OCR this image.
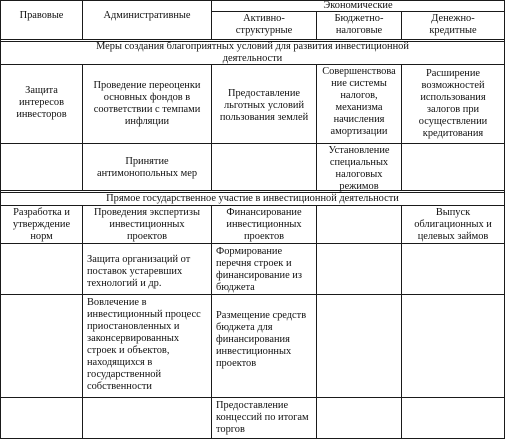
Правовые	Административные
Экономические
Активно-
структурные
Бюджетно-
налоговые
Денежно-
кредитные
Меры создания благоприятных условий для развития инвестиционной
деятельности
Защита
интересов
инвесторов
Проведение переоценки
основных фондов в
соответствии с темпами
инфляции
Предоставление
льготных условий
пользования землей
Совершенствова
ние системы
налогов,
механизма
начисления
амортизации
Расширение
возможностей
использования
залогов при
осуществлении
кредитования
Принятие
антимонопольных мер
Установление
специальных
налоговых
режимов
Прямое государственное участие в инвестиционной деятельности
Разработка и
утверждение
норм
Проведения экспертизы
инвестиционных
проектов
Финансирование
инвестиционных
проектов
Выпуск
облигационных и
целевых займов
Защита организаций от
поставок устаревших
технологий и др.
Формирование
перечня строек и
финансирование из
бюджета
Вовлечение в
инвестиционный процесс
приостановленных и
законсервированных
строек и объектов,
находящихся в
государственной
собственности
Размещение средств
бюджета для
финансирования
инвестиционных
проектов
Предоставление
концессий по итогам
торгов
